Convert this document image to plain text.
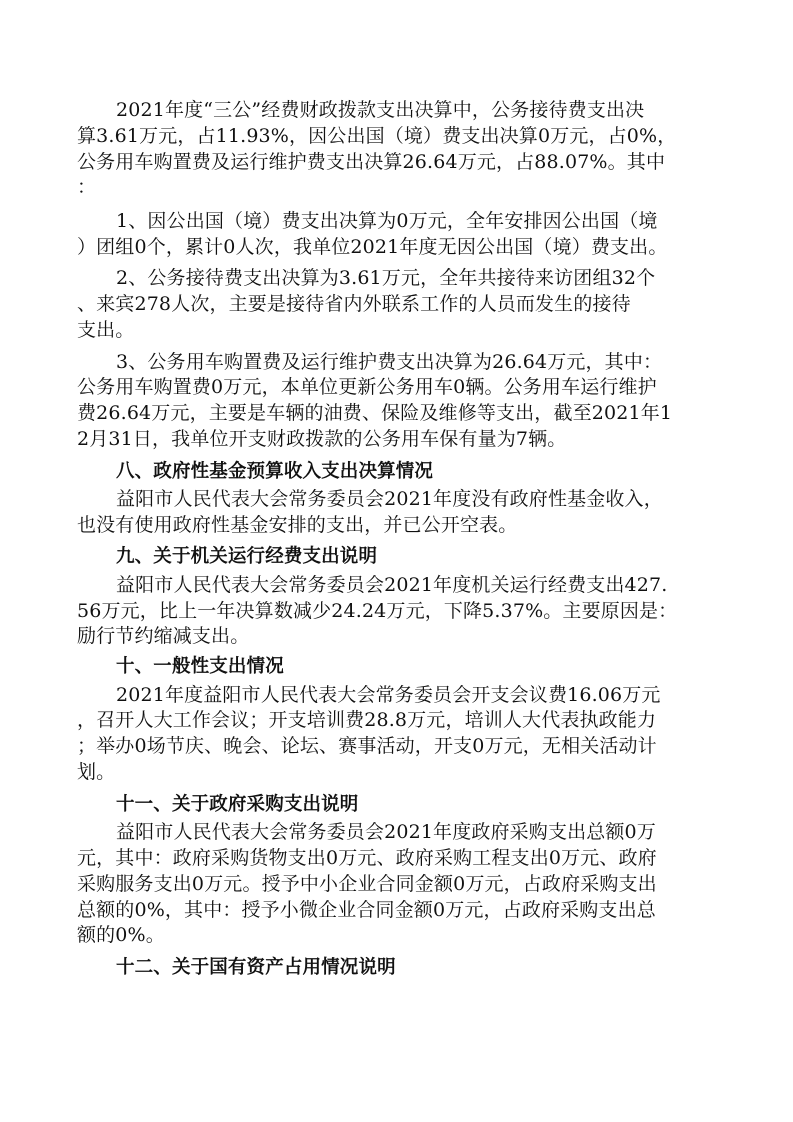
2021年度“三公”经费财政拨款支出决算中，公务接待费支出决
算3.61万元，占11.93%，因公出国（境）费支出决算0万元，占0%，
公务用车购置费及运行维护费支出决算26.64万元，占88.07%。其中
：
1、因公出国（境）费支出决算为0万元，全年安排因公出国（境
）团组0个，累计0人次，我单位2021年度无因公出国（境）费支出。
2、公务接待费支出决算为3.61万元，全年共接待来访团组32个
、来宾278人次，主要是接待省内外联系工作的人员而发生的接待
支出。
3、公务用车购置费及运行维护费支出决算为26.64万元，其中：
公务用车购置费0万元，本单位更新公务用车0辆。公务用车运行维护
费26.64万元，主要是车辆的油费、保险及维修等支出，截至2021年1
2月31日，我单位开支财政拨款的公务用车保有量为7辆。
八、政府性基金预算收入支出决算情况
益阳市人民代表大会常务委员会2021年度没有政府性基金收入，
也没有使用政府性基金安排的支出，并已公开空表。
九、关于机关运行经费支出说明
益阳市人民代表大会常务委员会2021年度机关运行经费支出427.
56万元，比上一年决算数减少24.24万元，下降5.37%。主要原因是：
励行节约缩减支出。
十、一般性支出情况
2021年度益阳市人民代表大会常务委员会开支会议费16.06万元
，召开人大工作会议；开支培训费28.8万元，培训人大代表执政能力
；举办0场节庆、晚会、论坛、赛事活动，开支0万元，无相关活动计
划。
十一、关于政府采购支出说明
益阳市人民代表大会常务委员会2021年度政府采购支出总额0万
元，其中：政府采购货物支出0万元、政府采购工程支出0万元、政府
采购服务支出0万元。授予中小企业合同金额0万元，占政府采购支出
总额的0%，其中：授予小微企业合同金额0万元，占政府采购支出总
额的0%。
十二、关于国有资产占用情况说明
